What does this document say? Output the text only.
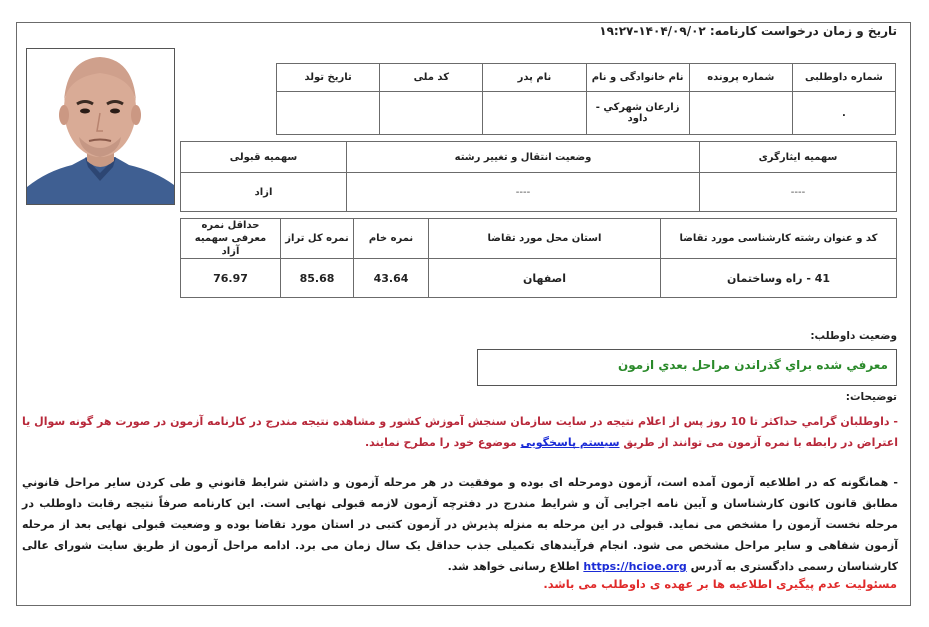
تاريخ و زمان درخواست کارنامه: ۱۴۰۴/۰۹/۰۲-۱۹:۲۷
شماره داوطلبی	شماره پرونده	نام خانوادگی و نام	نام پدر	کد ملی	تاریخ تولد
.		زارعان شهرکي - داود			
سهمیه ایثارگری	وضعیت انتقال و تغییر رشته	سهمیه قبولی
----	----	ازاد
کد و عنوان رشته کارشناسی مورد تقاضا	استان محل مورد تقاضا	نمره خام	نمره کل تراز	حداقل نمره معرفی سهمیه آزاد
41 - راه وساختمان	اصفهان	43.64	85.68	76.97
وضعیت داوطلب:
معرفي شده براي گذراندن مراحل بعدي ازمون
توضیحات:
- داوطلبان گرامي حداکثر تا 10 روز پس از اعلام نتيجه در سايت سازمان سنجش آموزش کشور و مشاهده نتيجه مندرج در کارنامه آزمون در صورت هر گونه سوال يا اعتراض در رابطه با نمره آزمون می توانند از طريق سیستم پاسخگویی موضوع خود را مطرح نمايند.
- همانگونه که در اطلاعیه آزمون آمده است، آزمون دومرحله ای بوده و موفقیت در هر مرحله آزمون و داشتن شرايط قانوني و طی کردن ساير مراحل قانوني مطابق قانون کانون کارشناسان و آیین نامه اجرایی آن و شرایط مندرج در دفترچه آزمون لازمه قبولی نهایی است. این کارنامه صرفاً نتیجه رقابت داوطلب در مرحله نخست آزمون را مشخص می نماید. قبولی در این مرحله به منزله پذیرش در آزمون کتبی در استان مورد تقاضا بوده و وضعیت قبولی نهایی بعد از مرحله آزمون شفاهی و سایر مراحل مشخص می شود. انجام فرآیندهای تکمیلی جذب حداقل یک سال زمان می برد. ادامه مراحل آزمون از طریق سایت شورای عالی کارشناسان رسمی دادگستری به آدرس https://hcioe.org اطلاع رسانی خواهد شد.
مسئولیت عدم پیگیری اطلاعیه ها بر عهده ی داوطلب می باشد.
